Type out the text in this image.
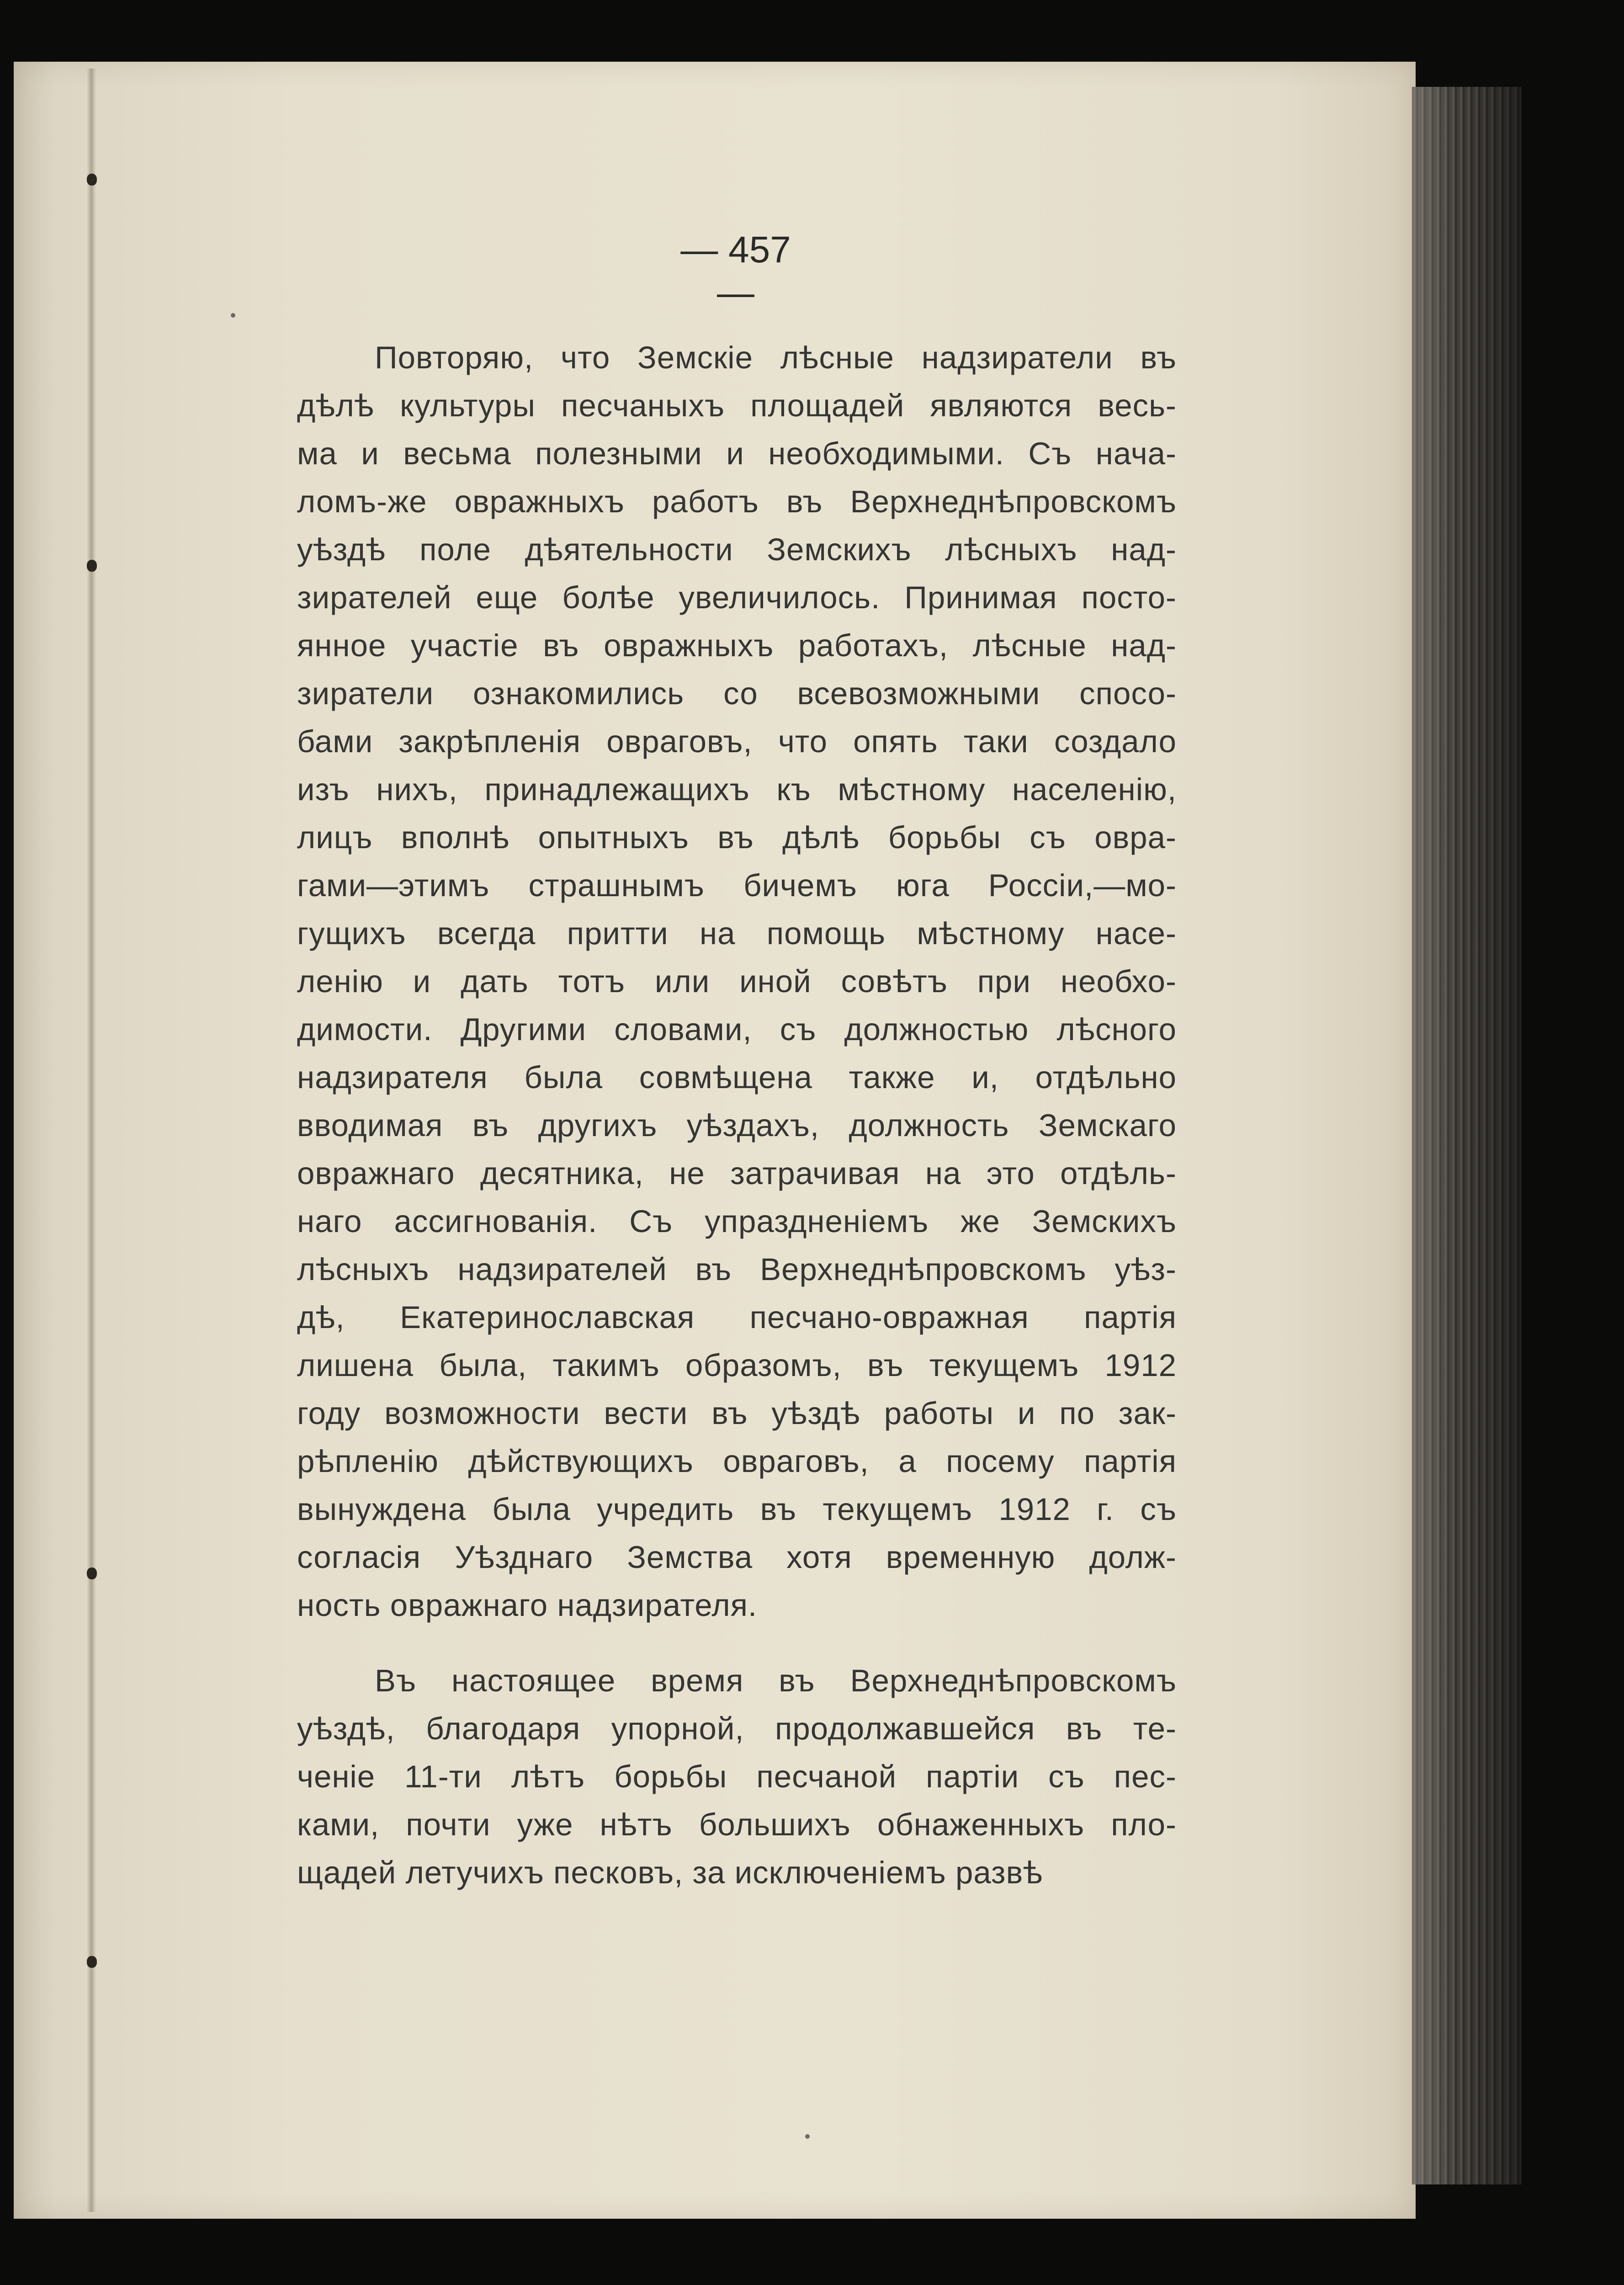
— 457 —
Повторяю, что Земскіе лѣсные надзиратели въ
дѣлѣ культуры песчаныхъ площадей являются весь-
ма и весьма полезными и необходимыми. Съ нача-
ломъ-же овражныхъ работъ въ Верхнеднѣпровскомъ
уѣздѣ поле дѣятельности Земскихъ лѣсныхъ над-
зирателей еще болѣе увеличилось. Принимая посто-
янное участіе въ овражныхъ работахъ, лѣсные над-
зиратели ознакомились со всевозможными спосо-
бами закрѣпленія овраговъ, что опять таки создало
изъ нихъ, принадлежащихъ къ мѣстному населенію,
лицъ вполнѣ опытныхъ въ дѣлѣ борьбы съ овра-
гами—этимъ страшнымъ бичемъ юга Россіи,—мо-
гущихъ всегда притти на помощь мѣстному насе-
ленію и дать тотъ или иной совѣтъ при необхо-
димости. Другими словами, съ должностью лѣсного
надзирателя была совмѣщена также и, отдѣльно
вводимая въ другихъ уѣздахъ, должность Земскаго
овражнаго десятника, не затрачивая на это отдѣль-
наго ассигнованія. Съ упраздненіемъ же Земскихъ
лѣсныхъ надзирателей въ Верхнеднѣпровскомъ уѣз-
дѣ, Екатеринославская песчано-овражная партія
лишена была, такимъ образомъ, въ текущемъ 1912
году возможности вести въ уѣздѣ работы и по зак-
рѣпленію дѣйствующихъ овраговъ, а посему партія
вынуждена была учредить въ текущемъ 1912 г. съ
согласія Уѣзднаго Земства хотя временную долж-
ность овражнаго надзирателя.
Въ настоящее время въ Верхнеднѣпровскомъ
уѣздѣ, благодаря упорной, продолжавшейся въ те-
ченіе 11-ти лѣтъ борьбы песчаной партіи съ пес-
ками, почти уже нѣтъ большихъ обнаженныхъ пло-
щадей летучихъ песковъ, за исключеніемъ развѣ
